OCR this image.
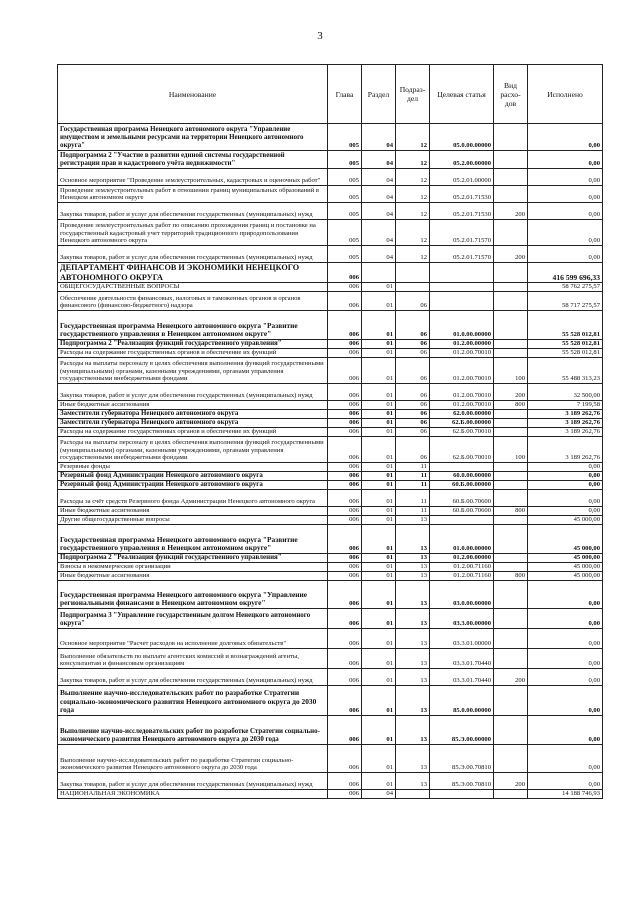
3
Наименование	Глава	Раздел	Подраз-дел	Целевая статья	Вид расхо-дов	Исполнено
Государственная программа Ненецкого автономного округа "Управление имуществом и земельными ресурсами на территории Ненецкого автономного округа"	005	04	12	05.0.00.00000		0,00
Подпрограмма 2 "Участие в развитии единой системы государственной регистрации прав и кадастрового учёта недвижимости"	005	04	12	05.2.00.00000		0,00
Основное мероприятие "Проведение землеустроительных, кадастровых и оценочных работ"	005	04	12	05.2.01.00000		0,00
Проведение землеустроительных работ в отношении границ муниципальных образований в Ненецком автономном округе	005	04	12	05.2.01.71530		0,00
Закупка товаров, работ и услуг для обеспечения государственных (муниципальных) нужд	005	04	12	05.2.01.71530	200	0,00
Проведение землеустроительных работ по описанию прохождения границ и постановке на государственный кадастровый учет территорий традиционного природопользования Ненецкого автономного округа	005	04	12	05.2.01.71570		0,00
Закупка товаров, работ и услуг для обеспечения государственных (муниципальных) нужд	005	04	12	05.2.01.71570	200	0,00
ДЕПАРТАМЕНТ ФИНАНСОВ И ЭКОНОМИКИ НЕНЕЦКОГО АВТОНОМНОГО ОКРУГА	006					416 599 696,33
ОБЩЕГОСУДАРСТВЕННЫЕ ВОПРОСЫ	006	01				58 762 275,57
Обеспечение деятельности финансовых, налоговых и таможенных органов и органов финансового (финансово-бюджетного) надзора	006	01	06			58 717 275,57
Государственная программа Ненецкого автономного округа "Развитие государственного управления в Ненецком автономном округе"	006	01	06	01.0.00.00000		55 528 012,81
Подпрограмма 2 "Реализация функций государственного управления"	006	01	06	01.2.00.00000		55 528 012,81
Расходы на содержание государственных органов и обеспечение их функций	006	01	06	01.2.00.70010		55 528 012,81
Расходы на выплаты персоналу в целях обеспечения выполнения функций государственными (муниципальными) органами, казенными учреждениями, органами управления государственными внебюджетными фондами	006	01	06	01.2.00.70010	100	55 488 313,23
Закупка товаров, работ и услуг для обеспечения государственных (муниципальных) нужд	006	01	06	01.2.00.70010	200	32 500,00
Иные бюджетные ассигнования	006	01	06	01.2.00.70010	800	7 199,58
Заместители губернатора Ненецкого автономного округа	006	01	06	62.0.00.00000		3 189 262,76
Заместители губернатора Ненецкого автономного округа	006	01	06	62.Б.00.00000		3 189 262,76
Расходы на содержание государственных органов и обеспечение их функций	006	01	06	62.Б.00.70010		3 189 262,76
Расходы на выплаты персоналу в целях обеспечения выполнения функций государственными (муниципальными) органами, казенными учреждениями, органами управления государственными внебюджетными фондами	006	01	06	62.Б.00.70010	100	3 189 262,76
Резервные фонды	006	01	11			0,00
Резервный фонд Администрации Ненецкого автономного округа	006	01	11	60.0.00.00000		0,00
Резервный фонд Администрации Ненецкого автономного округа	006	01	11	60.Б.00.00000		0,00
Расходы за счёт средств Резервного фонда Администрации Ненецкого автономного округа	006	01	11	60.Б.00.70600		0,00
Иные бюджетные ассигнования	006	01	11	60.Б.00.70600	800	0,00
Другие общегосударственные вопросы	006	01	13			45 000,00
Государственная программа Ненецкого автономного округа "Развитие государственного управления в Ненецком автономном округе"	006	01	13	01.0.00.00000		45 000,00
Подпрограмма 2 "Реализация функций государственного управления"	006	01	13	01.2.00.00000		45 000,00
Взносы в некоммерческие организации	006	01	13	01.2.00.71160		45 000,00
Иные бюджетные ассигнования	006	01	13	01.2.00.71160	800	45 000,00
Государственная программа Ненецкого автономного округа "Управление региональными финансами в Ненецком автономном округе"	006	01	13	03.0.00.00000		0,00
Подпрограмма 3 "Управление государственным долгом Ненецкого автономного округа"	006	01	13	03.3.00.00000		0,00
Основное мероприятие "Расчет расходов на исполнение долговых обязательств"	006	01	13	03.3.01.00000		0,00
Выполнение обязательств по выплате агентских комиссий и вознаграждений агенты, консультантам и финансовым организациям	006	01	13	03.3.01.70440		0,00
Закупка товаров, работ и услуг для обеспечения государственных (муниципальных) нужд	006	01	13	03.3.01.70440	200	0,00
Выполнение научно-исследовательских работ по разработке Стратегии социально-экономического развития Ненецкого автономного округа до 2030 года	006	01	13	85.0.00.00000		0,00
Выполнение научно-исследовательских работ по разработке Стратегии социально-экономического развития Ненецкого автономного округа до 2030 года	006	01	13	85.Э.00.00000		0,00
Выполнение научно-исследовательских работ по разработке Стратегии социально-экономического развития Ненецкого автономного округа до 2030 года	006	01	13	85.Э.00.70810		0,00
Закупка товаров, работ и услуг для обеспечения государственных (муниципальных) нужд	006	01	13	85.Э.00.70810	200	0,00
НАЦИОНАЛЬНАЯ ЭКОНОМИКА	006	04				14 188 746,93
